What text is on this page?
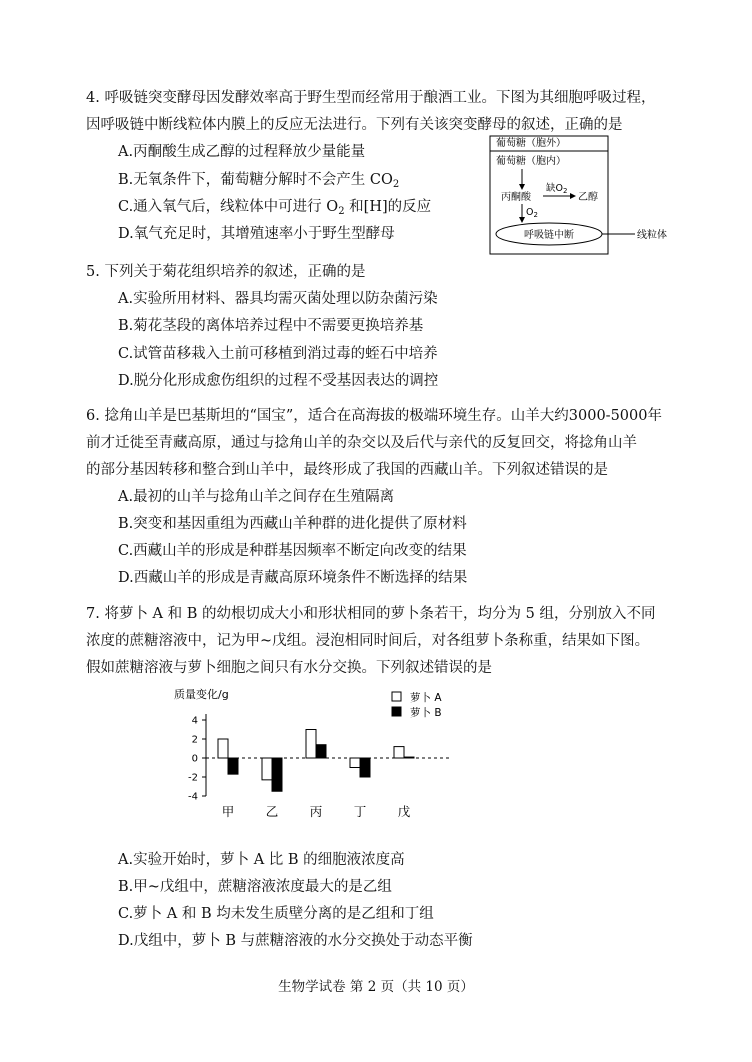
4. 呼吸链突变酵母因发酵效率高于野生型而经常用于酿酒工业。下图为其细胞呼吸过程，
因呼吸链中断线粒体内膜上的反应无法进行。下列有关该突变酵母的叙述，正确的是
A.丙酮酸生成乙醇的过程释放少量能量
B.无氧条件下，葡萄糖分解时不会产生 $CO_2$
C.通入氧气后，线粒体中可进行 $O_2$ 和[H]的反应
D.氧气充足时，其增殖速率小于野生型酵母
葡萄糖（胞外）
葡萄糖（胞内）
丙酮酸
缺$O_2$
乙醇
$O_2$
呼吸链中断	线粒体
5. 下列关于菊花组织培养的叙述，正确的是
A.实验所用材料、器具均需灭菌处理以防杂菌污染
B.菊花茎段的离体培养过程中不需要更换培养基
C.试管苗移栽入土前可移植到消过毒的蛭石中培养
D.脱分化形成愈伤组织的过程不受基因表达的调控
6. 捻角山羊是巴基斯坦的“国宝”，适合在高海拔的极端环境生存。山羊大约3000-5000年
前才迁徙至青藏高原，通过与捻角山羊的杂交以及后代与亲代的反复回交，将捻角山羊
的部分基因转移和整合到山羊中，最终形成了我国的西藏山羊。下列叙述错误的是
A.最初的山羊与捻角山羊之间存在生殖隔离
B.突变和基因重组为西藏山羊种群的进化提供了原材料
C.西藏山羊的形成是种群基因频率不断定向改变的结果
D.西藏山羊的形成是青藏高原环境条件不断选择的结果
7. 将萝卜 A 和 B 的幼根切成大小和形状相同的萝卜条若干，均分为 5 组，分别放入不同
浓度的蔗糖溶液中，记为甲~戊组。浸泡相同时间后，对各组萝卜条称重，结果如下图。
假如蔗糖溶液与萝卜细胞之间只有水分交换。下列叙述错误的是
质量变化/g
4
2
0
-2
-4
甲	乙	丙	丁	戊
萝卜 A
萝卜 B
A.实验开始时，萝卜 A 比 B 的细胞液浓度高
B.甲~戊组中，蔗糖溶液浓度最大的是乙组
C.萝卜 A 和 B 均未发生质壁分离的是乙组和丁组
D.戊组中，萝卜 B 与蔗糖溶液的水分交换处于动态平衡
生物学试卷 第 2 页（共 10 页）
